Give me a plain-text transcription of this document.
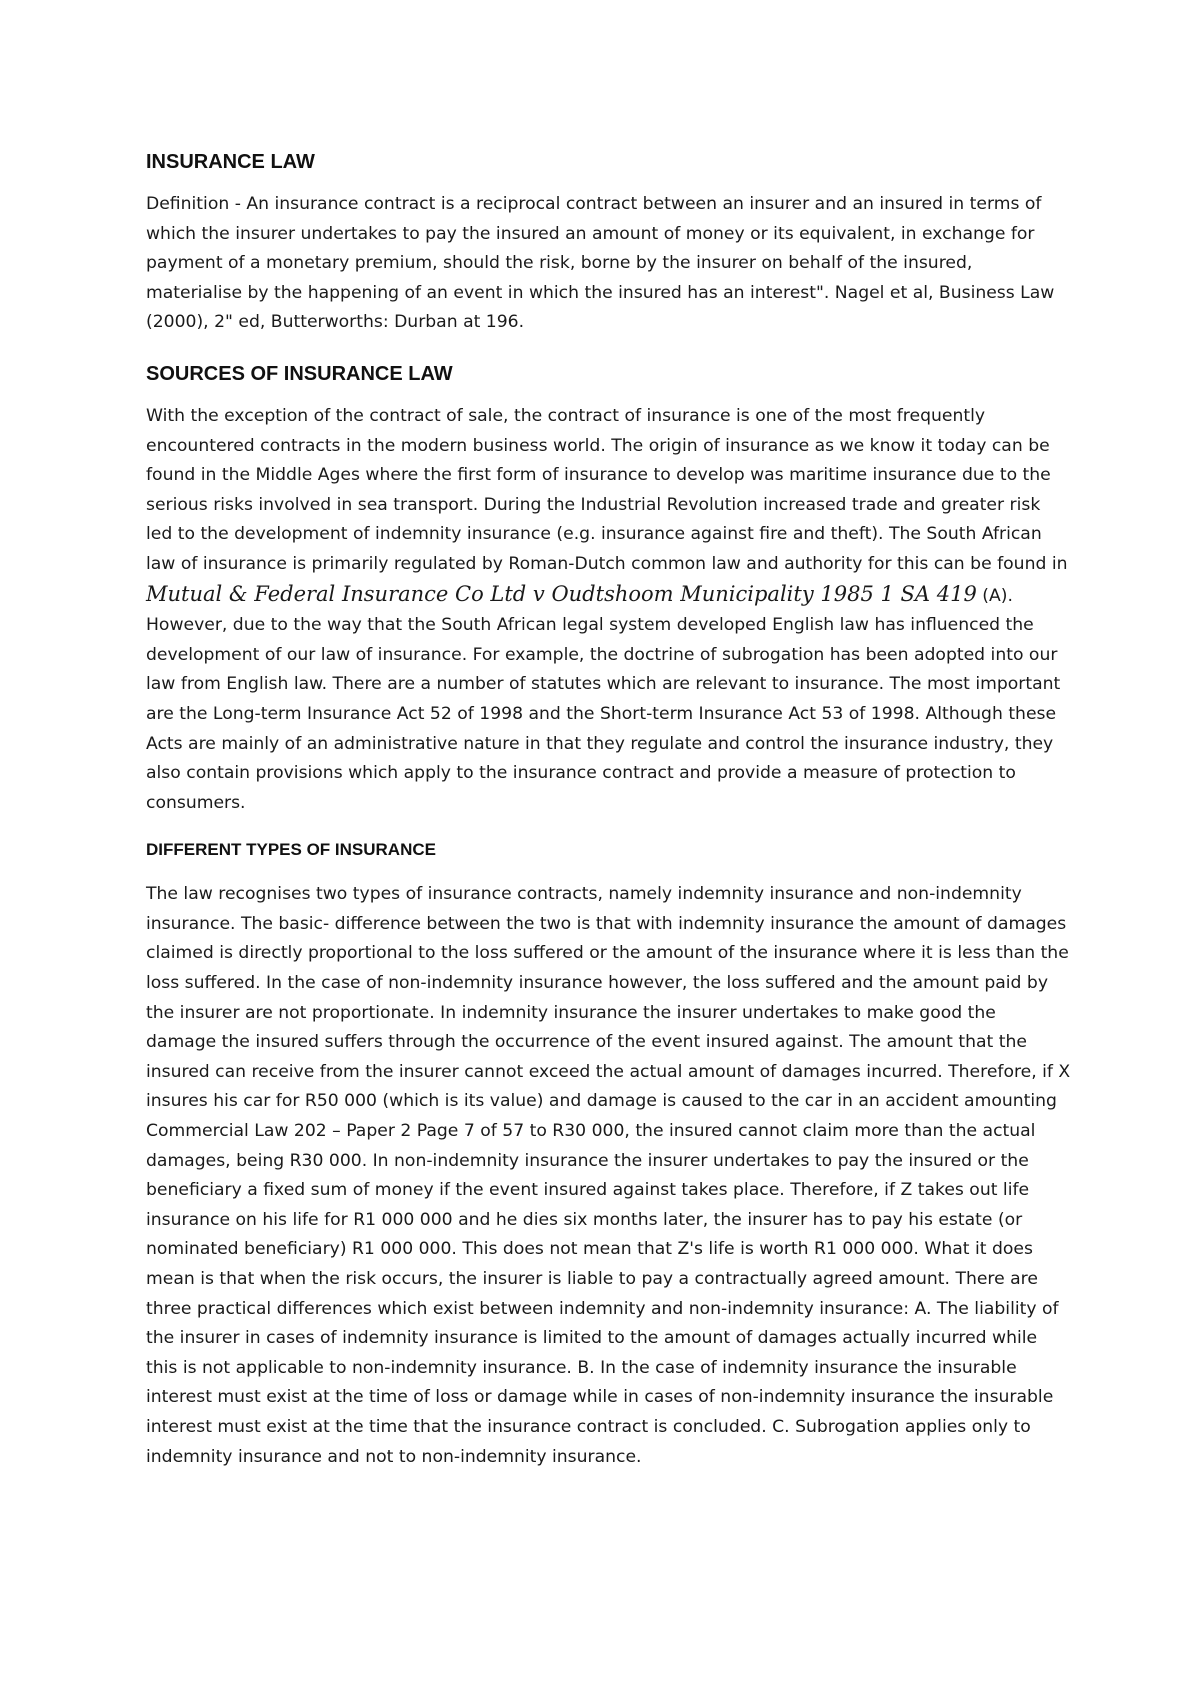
INSURANCE LAW

Definition - An insurance contract is a reciprocal contract between an insurer and an insured in terms of which the insurer undertakes to pay the insured an amount of money or its equivalent, in exchange for payment of a monetary premium, should the risk, borne by the insurer on behalf of the insured, materialise by the happening of an event in which the insured has an interest". Nagel et al, Business Law (2000), 2" ed, Butterworths: Durban at 196.

SOURCES OF INSURANCE LAW

With the exception of the contract of sale, the contract of insurance is one of the most frequently encountered contracts in the modern business world. The origin of insurance as we know it today can be found in the Middle Ages where the first form of insurance to develop was maritime insurance due to the serious risks involved in sea transport. During the Industrial Revolution increased trade and greater risk led to the development of indemnity insurance (e.g. insurance against fire and theft). The South African law of insurance is primarily regulated by Roman-Dutch common law and authority for this can be found in Mutual & Federal Insurance Co Ltd v Oudtshoom Municipality 1985 1 SA 419 (A). However, due to the way that the South African legal system developed English law has influenced the development of our law of insurance. For example, the doctrine of subrogation has been adopted into our law from English law. There are a number of statutes which are relevant to insurance. The most important are the Long-term Insurance Act 52 of 1998 and the Short-term Insurance Act 53 of 1998. Although these Acts are mainly of an administrative nature in that they regulate and control the insurance industry, they also contain provisions which apply to the insurance contract and provide a measure of protection to consumers.

DIFFERENT TYPES OF INSURANCE

The law recognises two types of insurance contracts, namely indemnity insurance and non-indemnity insurance. The basic- difference between the two is that with indemnity insurance the amount of damages claimed is directly proportional to the loss suffered or the amount of the insurance where it is less than the loss suffered. In the case of non-indemnity insurance however, the loss suffered and the amount paid by the insurer are not proportionate. In indemnity insurance the insurer undertakes to make good the damage the insured suffers through the occurrence of the event insured against. The amount that the insured can receive from the insurer cannot exceed the actual amount of damages incurred. Therefore, if X insures his car for R50 000 (which is its value) and damage is caused to the car in an accident amounting Commercial Law 202 – Paper 2 Page 7 of 57 to R30 000, the insured cannot claim more than the actual damages, being R30 000. In non-indemnity insurance the insurer undertakes to pay the insured or the beneficiary a fixed sum of money if the event insured against takes place. Therefore, if Z takes out life insurance on his life for R1 000 000 and he dies six months later, the insurer has to pay his estate (or nominated beneficiary) R1 000 000. This does not mean that Z's life is worth R1 000 000. What it does mean is that when the risk occurs, the insurer is liable to pay a contractually agreed amount. There are three practical differences which exist between indemnity and non-indemnity insurance: A. The liability of the insurer in cases of indemnity insurance is limited to the amount of damages actually incurred while this is not applicable to non-indemnity insurance. B. In the case of indemnity insurance the insurable interest must exist at the time of loss or damage while in cases of non-indemnity insurance the insurable interest must exist at the time that the insurance contract is concluded. C. Subrogation applies only to indemnity insurance and not to non-indemnity insurance.
